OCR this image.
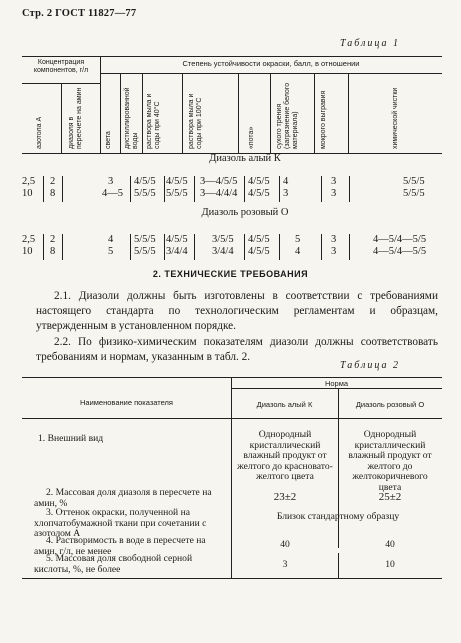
Стр. 2 ГОСТ 11827—77
Таблица 1
Концентрация компонентов, г/л
Степень устойчивости окраски, балл, в отношении
азотола А	диазоля в пересчете на амин	света дистиллированной воды раствора мыла и соды при 40°С	раствора мыла и соды при 100°С	«пота»	сухого трения (загрязнение белого материала)	мокрого выгравия	химической чистки
Диазоль алый К
2,5 2	3 4/5/5 4/5/5 3—4/5/5 4/5/5 4	3	5/5/5
10 8	4—5 5/5/5 5/5/5 3—4/4/4 4/5/5 3	3	5/5/5
Диазоль розовый О
2,5 2	4 5/5/5 4/5/5 3/5/5 4/5/5 5	3	4—5/4—5/5
10 8	5 5/5/5 3/4/4 3/4/4 4/5/5 4	3	4—5/4—5/5
2. ТЕХНИЧЕСКИЕ ТРЕБОВАНИЯ
2.1. Диазоли должны быть изготовлены в соответствии с требованиями настоящего стандарта по технологическим регламентам и образцам, утвержденным в установленном порядке.
2.2. По физико-химическим показателям диазоли должны соответствовать требованиям и нормам, указанным в табл. 2.
Таблица 2
Наименование показателя
Норма
Диазоль алый К	Диазоль розовый О
1. Внешний вид	Однородный кристаллический влажный продукт от желтого до красновато-желтого цвета
Однородный кристаллический влажный продукт от желтого до желтокоричневого цвета
2. Массовая доля диазоля в пересчете на амин, %	23±2	25±2
3. Оттенок окраски, полученной на хлопчатобумажной ткани при сочетании с азотолом А
Близок стандартному образцу
4. Растворимость в воде в пересчете на амин, г/л, не менее
40	40
5. Массовая доля свободной серной кислоты, %, не более	3	10
